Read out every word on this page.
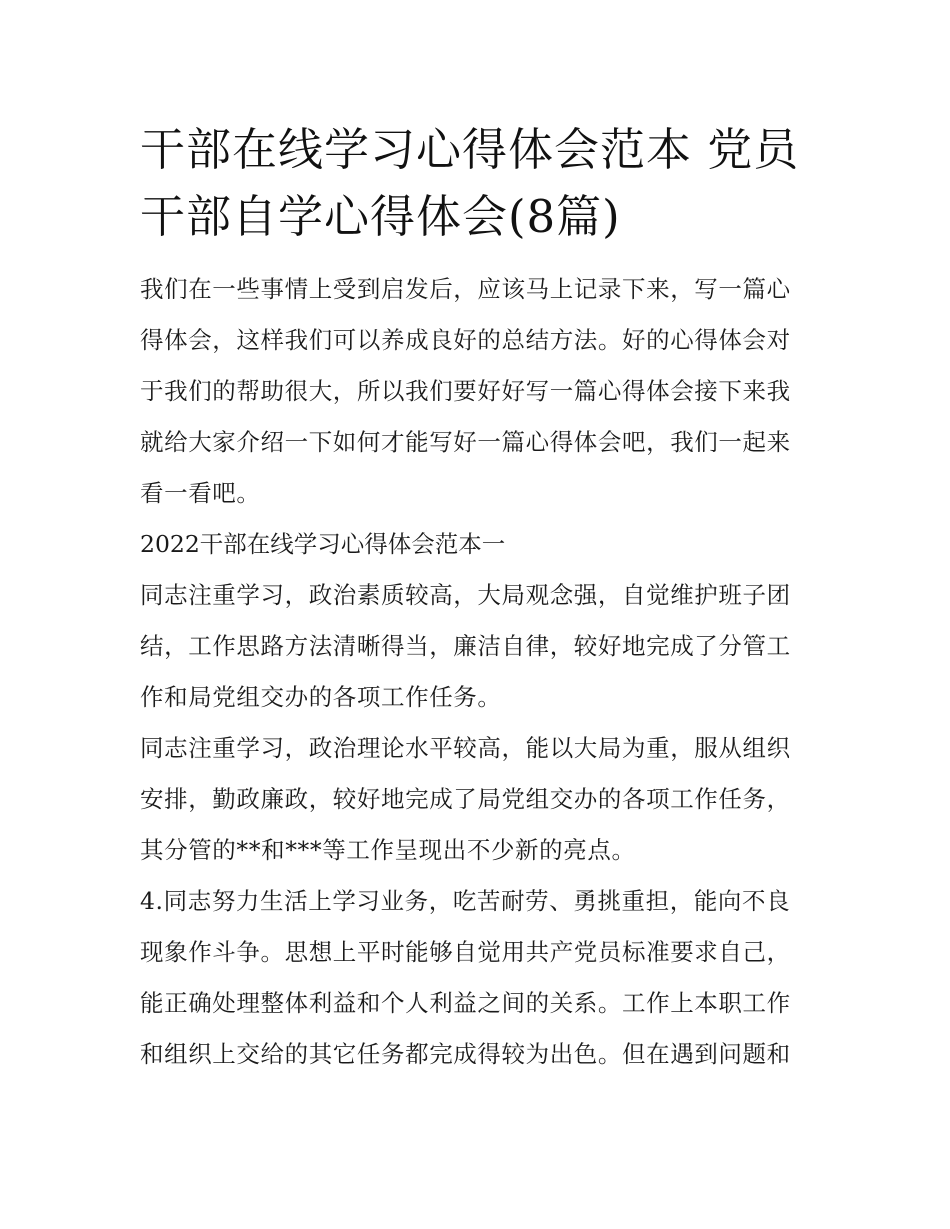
干部在线学习心得体会范本 党员干部自学心得体会(8篇)

我们在一些事情上受到启发后，应该马上记录下来，写一篇心得体会，这样我们可以养成良好的总结方法。好的心得体会对于我们的帮助很大，所以我们要好好写一篇心得体会接下来我就给大家介绍一下如何才能写好一篇心得体会吧，我们一起来看一看吧。

2022干部在线学习心得体会范本一

同志注重学习，政治素质较高，大局观念强，自觉维护班子团结，工作思路方法清晰得当，廉洁自律，较好地完成了分管工作和局党组交办的各项工作任务。

同志注重学习，政治理论水平较高，能以大局为重，服从组织安排，勤政廉政，较好地完成了局党组交办的各项工作任务，其分管的**和***等工作呈现出不少新的亮点。

4.同志努力生活上学习业务，吃苦耐劳、勇挑重担，能向不良现象作斗争。思想上平时能够自觉用共产党员标准要求自己，能正确处理整体利益和个人利益之间的关系。工作上本职工作和组织上交给的其它任务都完成得较为出色。但在遇到问题和
